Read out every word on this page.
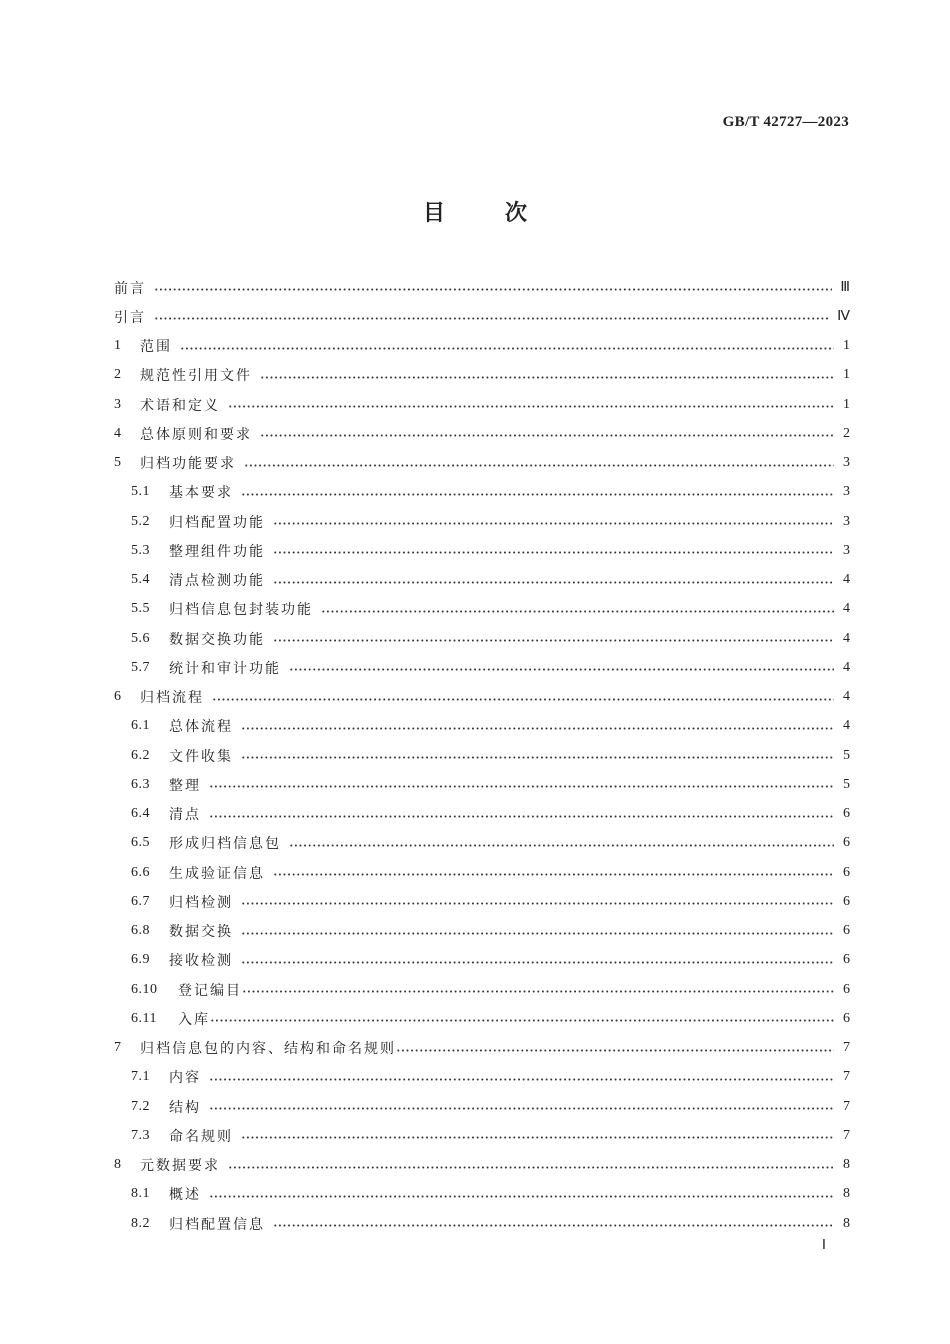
GB/T 42727—2023
目	次
前言	Ⅲ
引言	Ⅳ
1	范围	1
2	规范性引用文件	1
3	术语和定义	1
4	总体原则和要求	2
5	归档功能要求	3
5.1	基本要求	3
5.2	归档配置功能	3
5.3	整理组件功能	3
5.4	清点检测功能	4
5.5	归档信息包封装功能	4
5.6	数据交换功能	4
5.7	统计和审计功能	4
6	归档流程	4
6.1	总体流程	4
6.2	文件收集	5
6.3	整理	5
6.4	清点	6
6.5	形成归档信息包	6
6.6	生成验证信息	6
6.7	归档检测	6
6.8	数据交换	6
6.9	接收检测	6
6.10	登记编目	6
6.11	入库	6
7	归档信息包的内容、结构和命名规则	7
7.1	内容	7
7.2	结构	7
7.3	命名规则	7
8	元数据要求	8
8.1	概述	8
8.2	归档配置信息	8
Ⅰ
